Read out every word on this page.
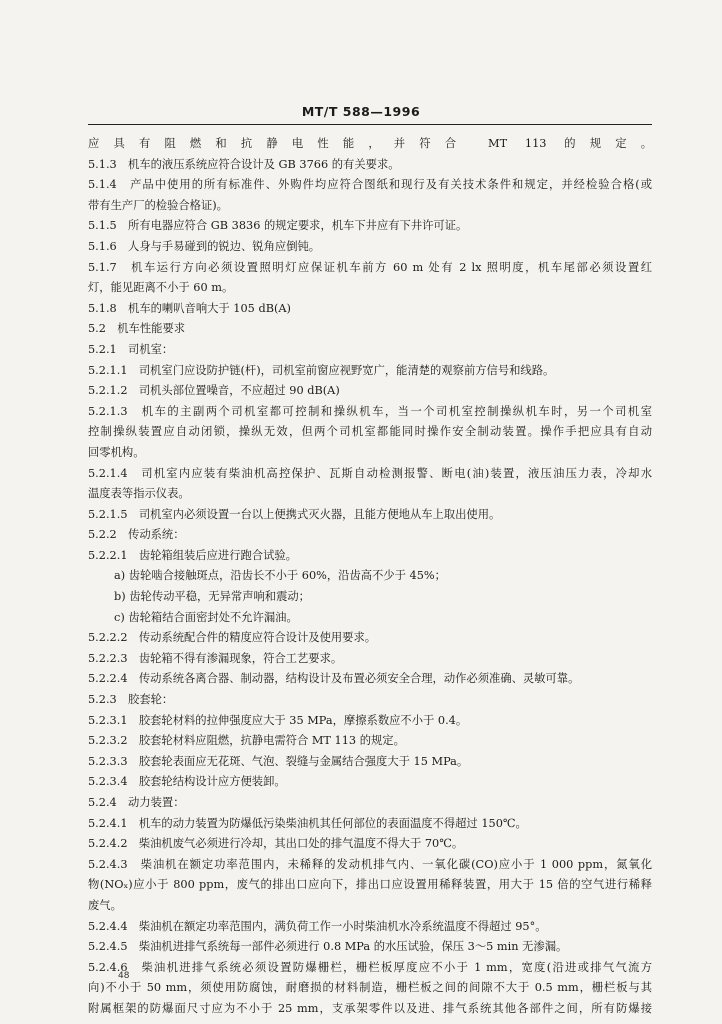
MT/T 588—1996
应具有阻燃和抗静电性能，并符合 MT 113 的规定。
5.1.3　机车的液压系统应符合设计及 GB 3766 的有关要求。
5.1.4　产品中使用的所有标准件、外购件均应符合图纸和现行及有关技术条件和规定，并经检验合格(或
带有生产厂的检验合格证)。
5.1.5　所有电器应符合 GB 3836 的规定要求，机车下井应有下井许可证。
5.1.6　人身与手易碰到的锐边、锐角应倒钝。
5.1.7　机车运行方向必须设置照明灯应保证机车前方 60 m 处有 2 lx 照明度，机车尾部必须设置红
灯，能见距离不小于 60 m。
5.1.8　机车的喇叭音响大于 105 dB(A)
5.2　机车性能要求
5.2.1　司机室：
5.2.1.1　司机室门应设防护链(杆)，司机室前窗应视野宽广，能清楚的观察前方信号和线路。
5.2.1.2　司机头部位置噪音，不应超过 90 dB(A)
5.2.1.3　机车的主副两个司机室都可控制和操纵机车，当一个司机室控制操纵机车时，另一个司机室
控制操纵装置应自动闭锁，操纵无效，但两个司机室都能同时操作安全制动装置。操作手把应具有自动
回零机构。
5.2.1.4　司机室内应装有柴油机高控保护、瓦斯自动检测报警、断电(油)装置，液压油压力表，冷却水
温度表等指示仪表。
5.2.1.5　司机室内必须设置一台以上便携式灭火器，且能方便地从车上取出使用。
5.2.2　传动系统：
5.2.2.1　齿轮箱组装后应进行跑合试验。
a) 齿轮啮合接触斑点，沿齿长不小于 60%，沿齿高不少于 45%；
b) 齿轮传动平稳，无异常声响和震动；
c) 齿轮箱结合面密封处不允许漏油。
5.2.2.2　传动系统配合件的精度应符合设计及使用要求。
5.2.2.3　齿轮箱不得有渗漏现象，符合工艺要求。
5.2.2.4　传动系统各离合器、制动器，结构设计及布置必须安全合理，动作必须准确、灵敏可靠。
5.2.3　胶套轮：
5.2.3.1　胶套轮材料的拉伸强度应大于 35 MPa，摩擦系数应不小于 0.4。
5.2.3.2　胶套轮材料应阻燃，抗静电需符合 MT 113 的规定。
5.2.3.3　胶套轮表面应无花斑、气泡、裂缝与金属结合强度大于 15 MPa。
5.2.3.4　胶套轮结构设计应方便装卸。
5.2.4　动力装置：
5.2.4.1　机车的动力装置为防爆低污染柴油机其任何部位的表面温度不得超过 150℃。
5.2.4.2　柴油机废气必须进行冷却，其出口处的排气温度不得大于 70℃。
5.2.4.3　柴油机在额定功率范围内，未稀释的发动机排气内、一氧化碳(CO)应小于 1 000 ppm，氮氧化
物(NOₓ)应小于 800 ppm，废气的排出口应向下，排出口应设置用稀释装置，用大于 15 倍的空气进行稀释
废气。
5.2.4.4　柴油机在额定功率范围内，满负荷工作一小时柴油机水冷系统温度不得超过 95°。
5.2.4.5　柴油机进排气系统每一部件必须进行 0.8 MPa 的水压试验，保压 3～5 min 无渗漏。
5.2.4.6　柴油机进排气系统必须设置防爆栅栏，栅栏板厚度应不小于 1 mm，宽度(沿进或排气气流方
向)不小于 50 mm，须使用防腐蚀，耐磨损的材料制造，栅栏板之间的间隙不大于 0.5 mm，栅栏板与其
附属框架的防爆面尺寸应为不小于 25 mm，支承架零件以及进、排气系统其他各部件之间，所有防爆接
48
